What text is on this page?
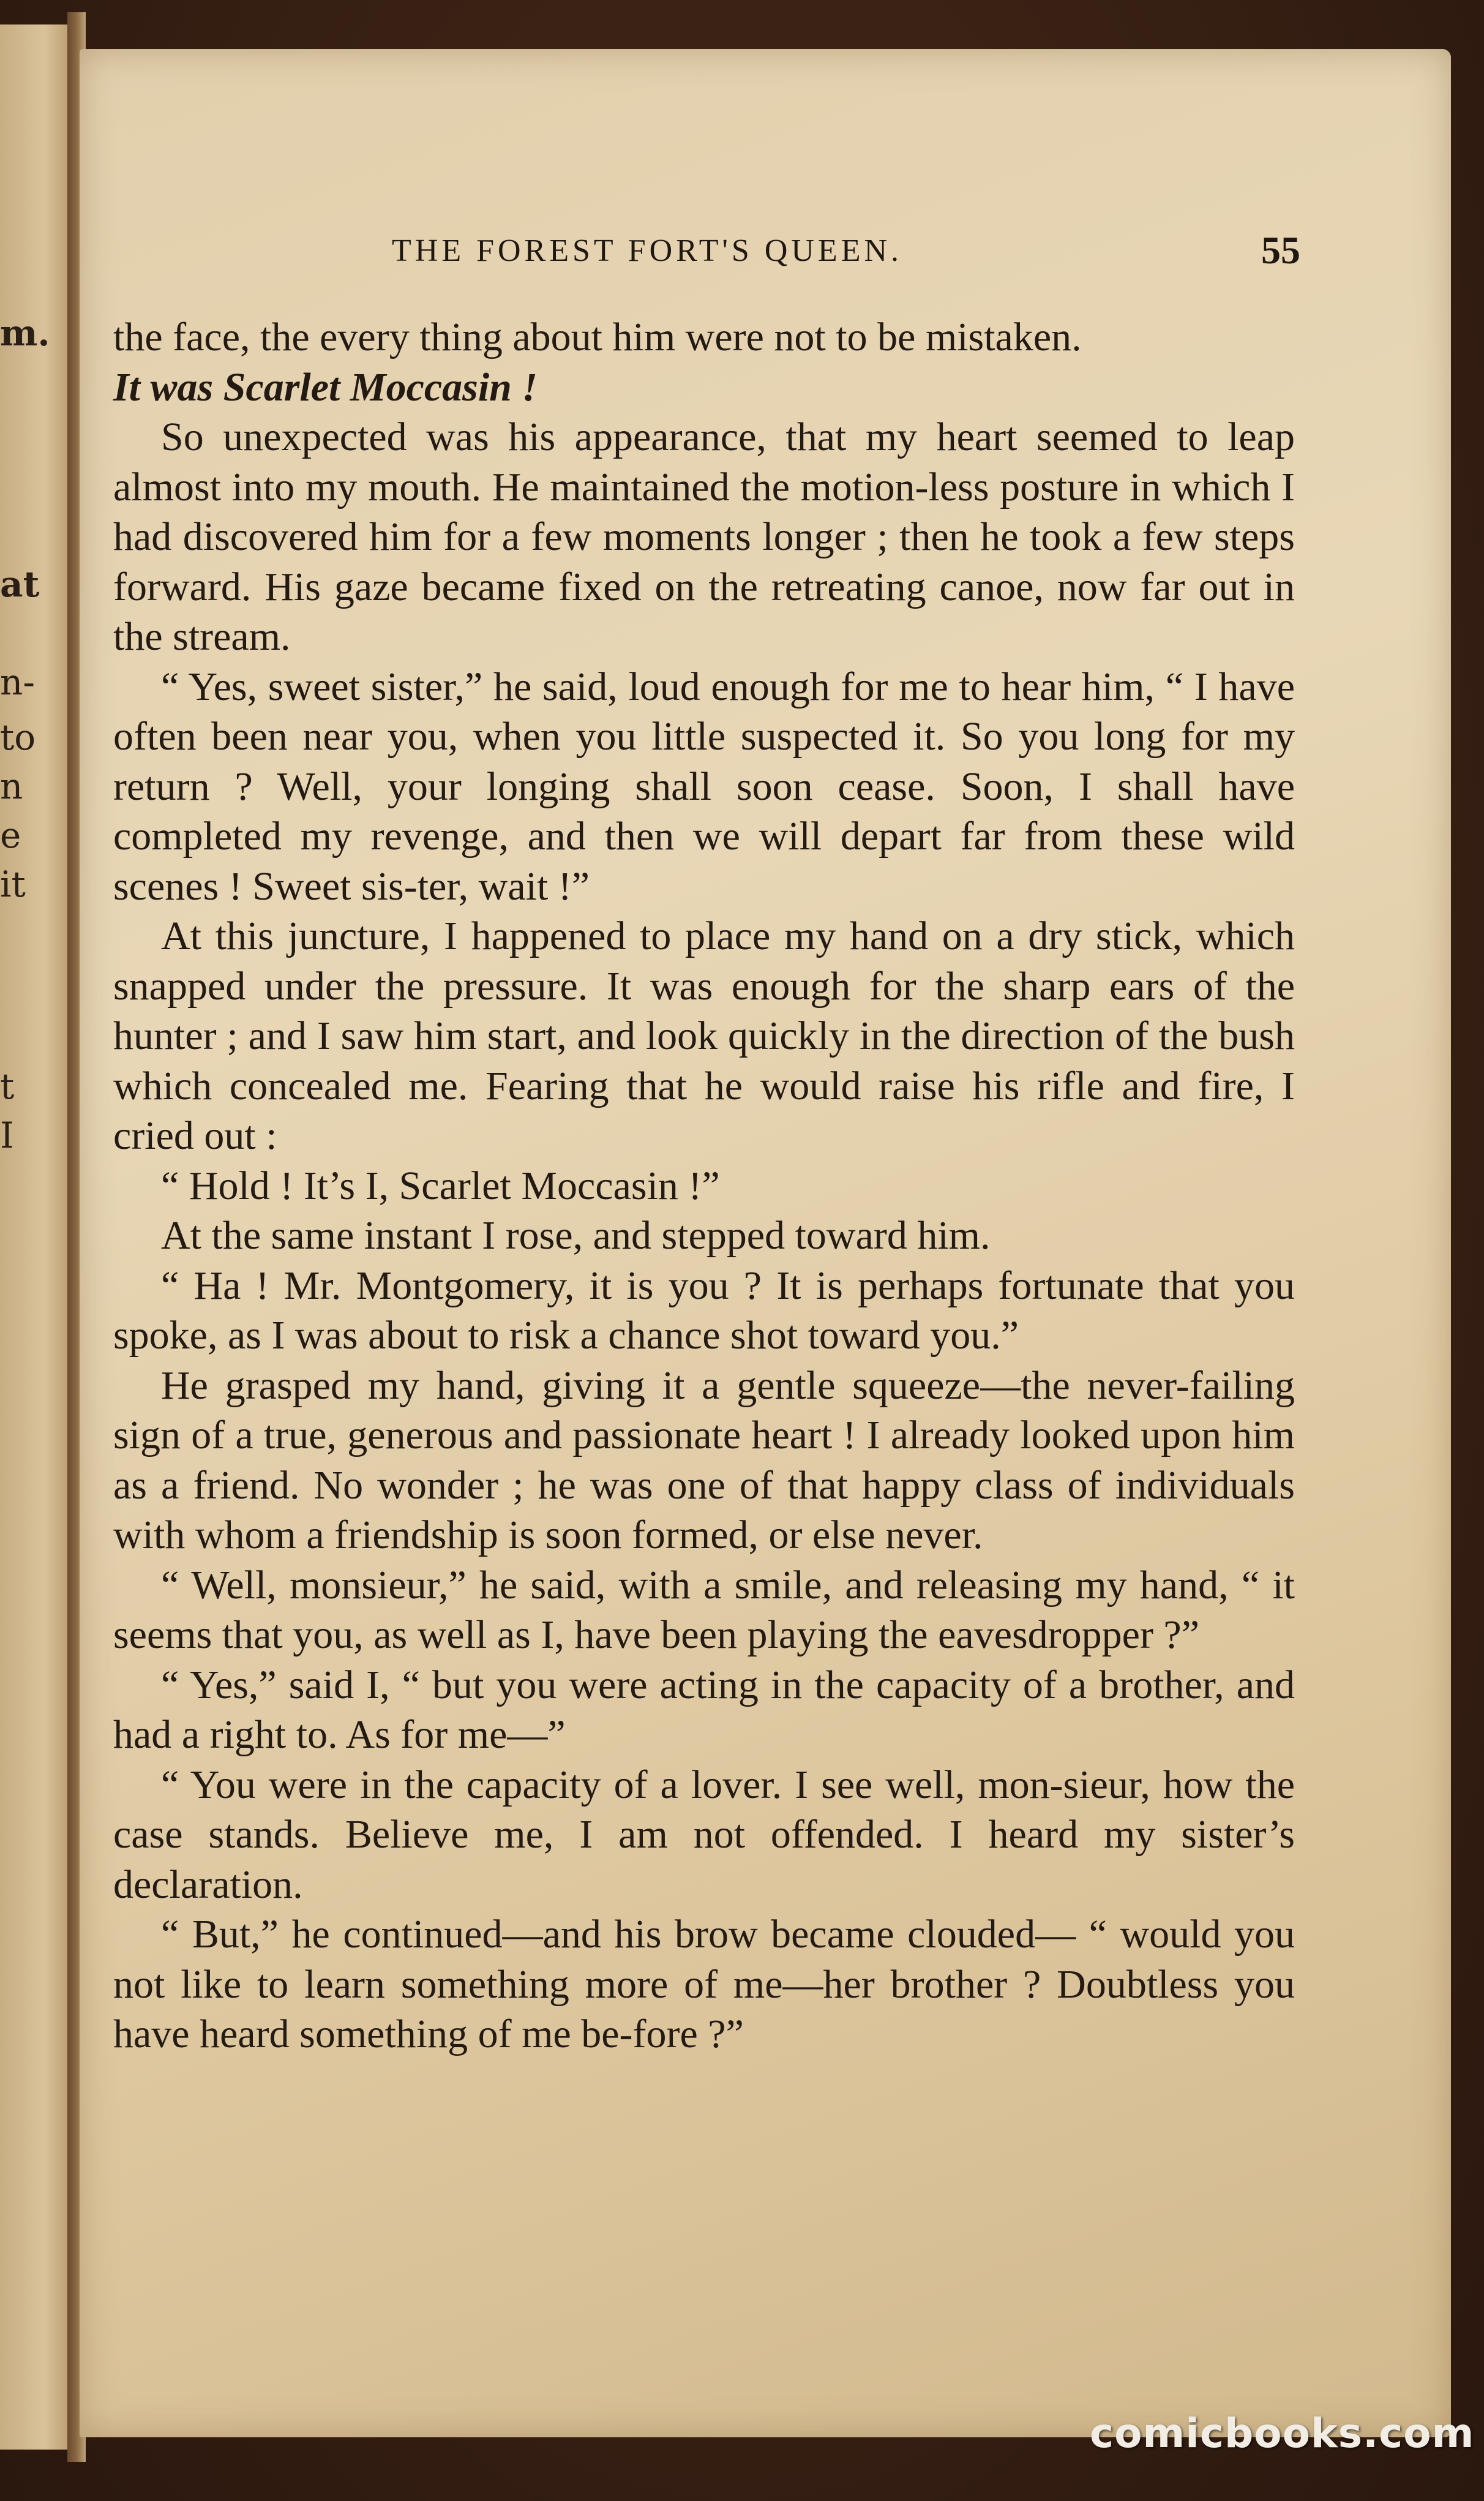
m.
at
n-
to
n
e
it
t
I
THE FOREST FORT'S QUEEN.	55

the face, the every thing about him were not to be mistaken.

It was Scarlet Moccasin !

So unexpected was his appearance, that my heart seemed to leap almost into my mouth. He maintained the motion-less posture in which I had discovered him for a few moments longer ; then he took a few steps forward. His gaze became fixed on the retreating canoe, now far out in the stream.

“ Yes, sweet sister,” he said, loud enough for me to hear him, “ I have often been near you, when you little suspected it. So you long for my return ? Well, your longing shall soon cease. Soon, I shall have completed my revenge, and then we will depart far from these wild scenes ! Sweet sis-ter, wait !”

At this juncture, I happened to place my hand on a dry stick, which snapped under the pressure. It was enough for the sharp ears of the hunter ; and I saw him start, and look quickly in the direction of the bush which concealed me. Fearing that he would raise his rifle and fire, I cried out :

“ Hold ! It’s I, Scarlet Moccasin !”

At the same instant I rose, and stepped toward him.

“ Ha ! Mr. Montgomery, it is you ? It is perhaps fortunate that you spoke, as I was about to risk a chance shot toward you.”

He grasped my hand, giving it a gentle squeeze—the never-failing sign of a true, generous and passionate heart ! I already looked upon him as a friend. No wonder ; he was one of that happy class of individuals with whom a friendship is soon formed, or else never.

“ Well, monsieur,” he said, with a smile, and releasing my hand, “ it seems that you, as well as I, have been playing the eavesdropper ?”

“ Yes,” said I, “ but you were acting in the capacity of a brother, and had a right to. As for me—”

“ You were in the capacity of a lover. I see well, mon-sieur, how the case stands. Believe me, I am not offended. I heard my sister’s declaration.

“ But,” he continued—and his brow became clouded— “ would you not like to learn something more of me—her brother ? Doubtless you have heard something of me be-fore ?”

comicbooks.com
